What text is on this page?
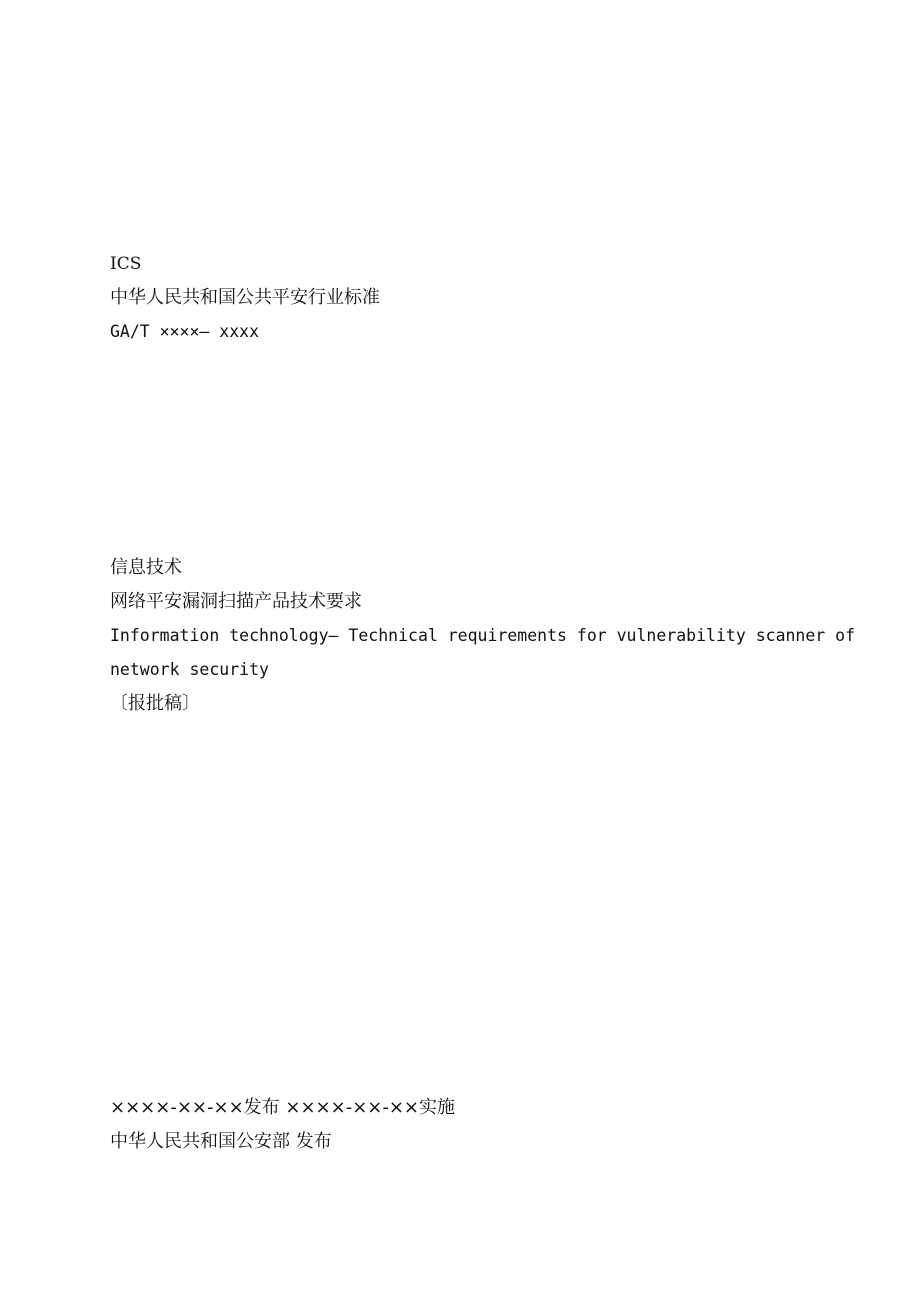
ICS
中华人民共和国公共平安行业标准
GA/T ××××— xxxx
信息技术
网络平安漏洞扫描产品技术要求
Information technology— Technical requirements for vulnerability scanner of
network security
〔报批稿〕
××××-××-××发布 ××××-××-××实施
中华人民共和国公安部 发布
